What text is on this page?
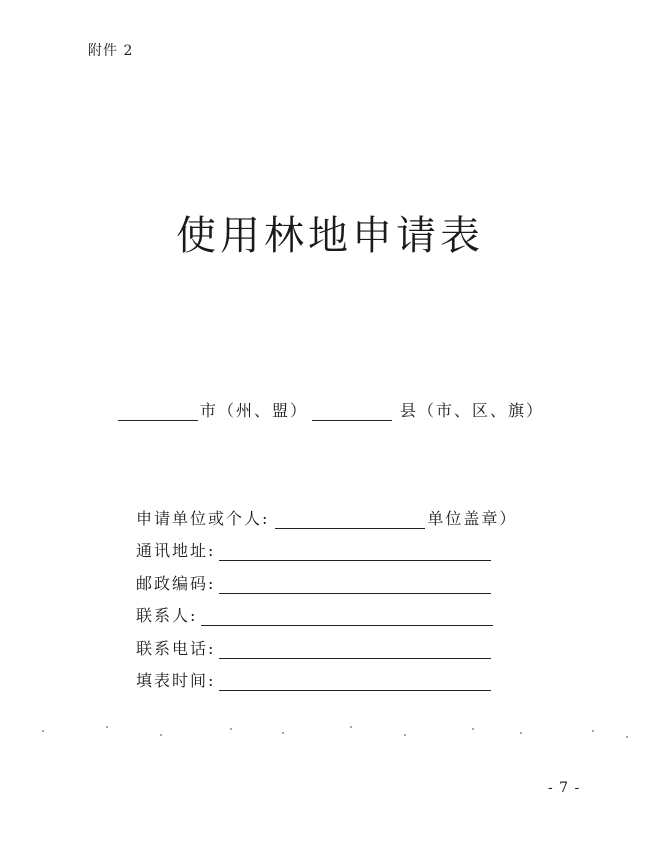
附件 2
使用林地申请表
市（州、盟）	县（市、区、旗）
申请单位或个人:	单位盖章）
通讯地址:
邮政编码:
联系人:
联系电话:
填表时间:
- 7 -
